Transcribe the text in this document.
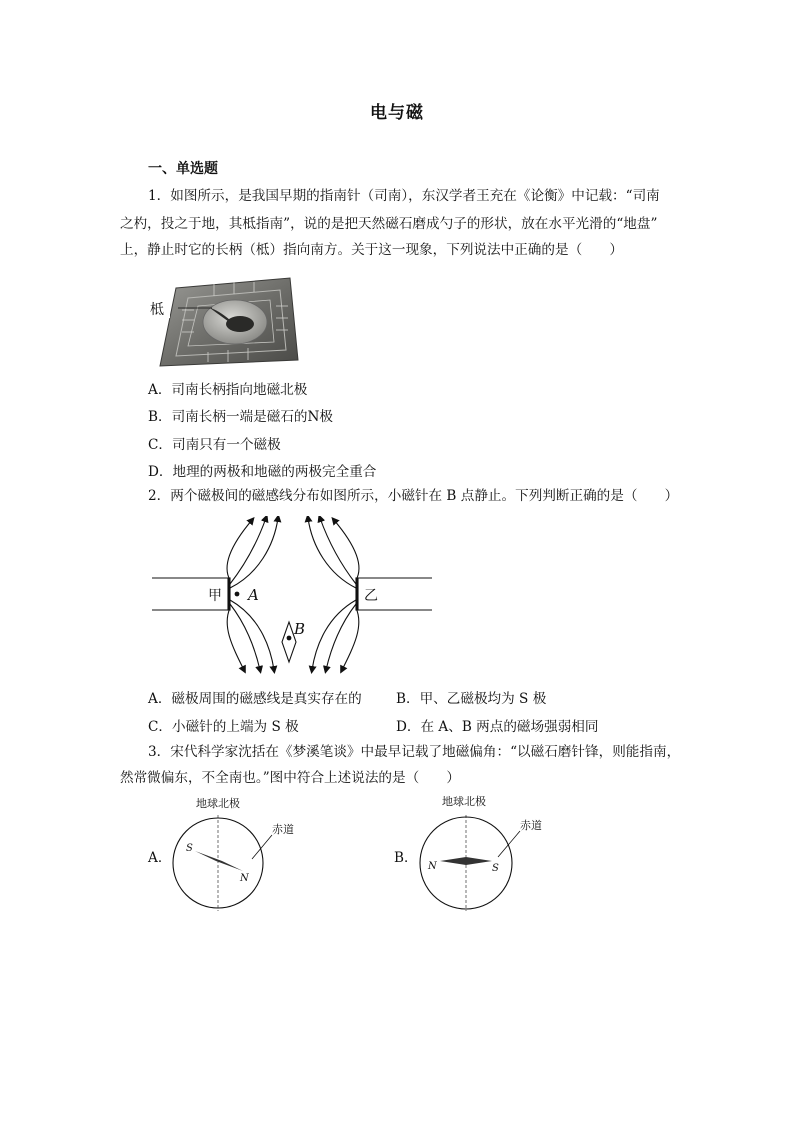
电与磁
一、单选题
1．如图所示，是我国早期的指南针（司南），东汉学者王充在《论衡》中记载：“司南
之杓，投之于地，其柢指南”，说的是把天然磁石磨成勺子的形状，放在水平光滑的“地盘”
上，静止时它的长柄（柢）指向南方。关于这一现象，下列说法中正确的是（　　）
柢
A．司南长柄指向地磁北极
B．司南长柄一端是磁石的N极
C．司南只有一个磁极
D．地理的两极和地磁的两极完全重合
2．两个磁极间的磁感线分布如图所示，小磁针在 B 点静止。下列判断正确的是（　　）
甲	乙
A
B
A．磁极周围的磁感线是真实存在的	B．甲、乙磁极均为 S 极
C．小磁针的上端为 S 极	D．在 A、B 两点的磁场强弱相同
3．宋代科学家沈括在《梦溪笔谈》中最早记载了地磁偏角：“以磁石磨针锋，则能指南，
然常微偏东，不全南也。”图中符合上述说法的是（　　）
A．
地球北极
赤道
S
N
B．
地球北极
赤道
N	S
